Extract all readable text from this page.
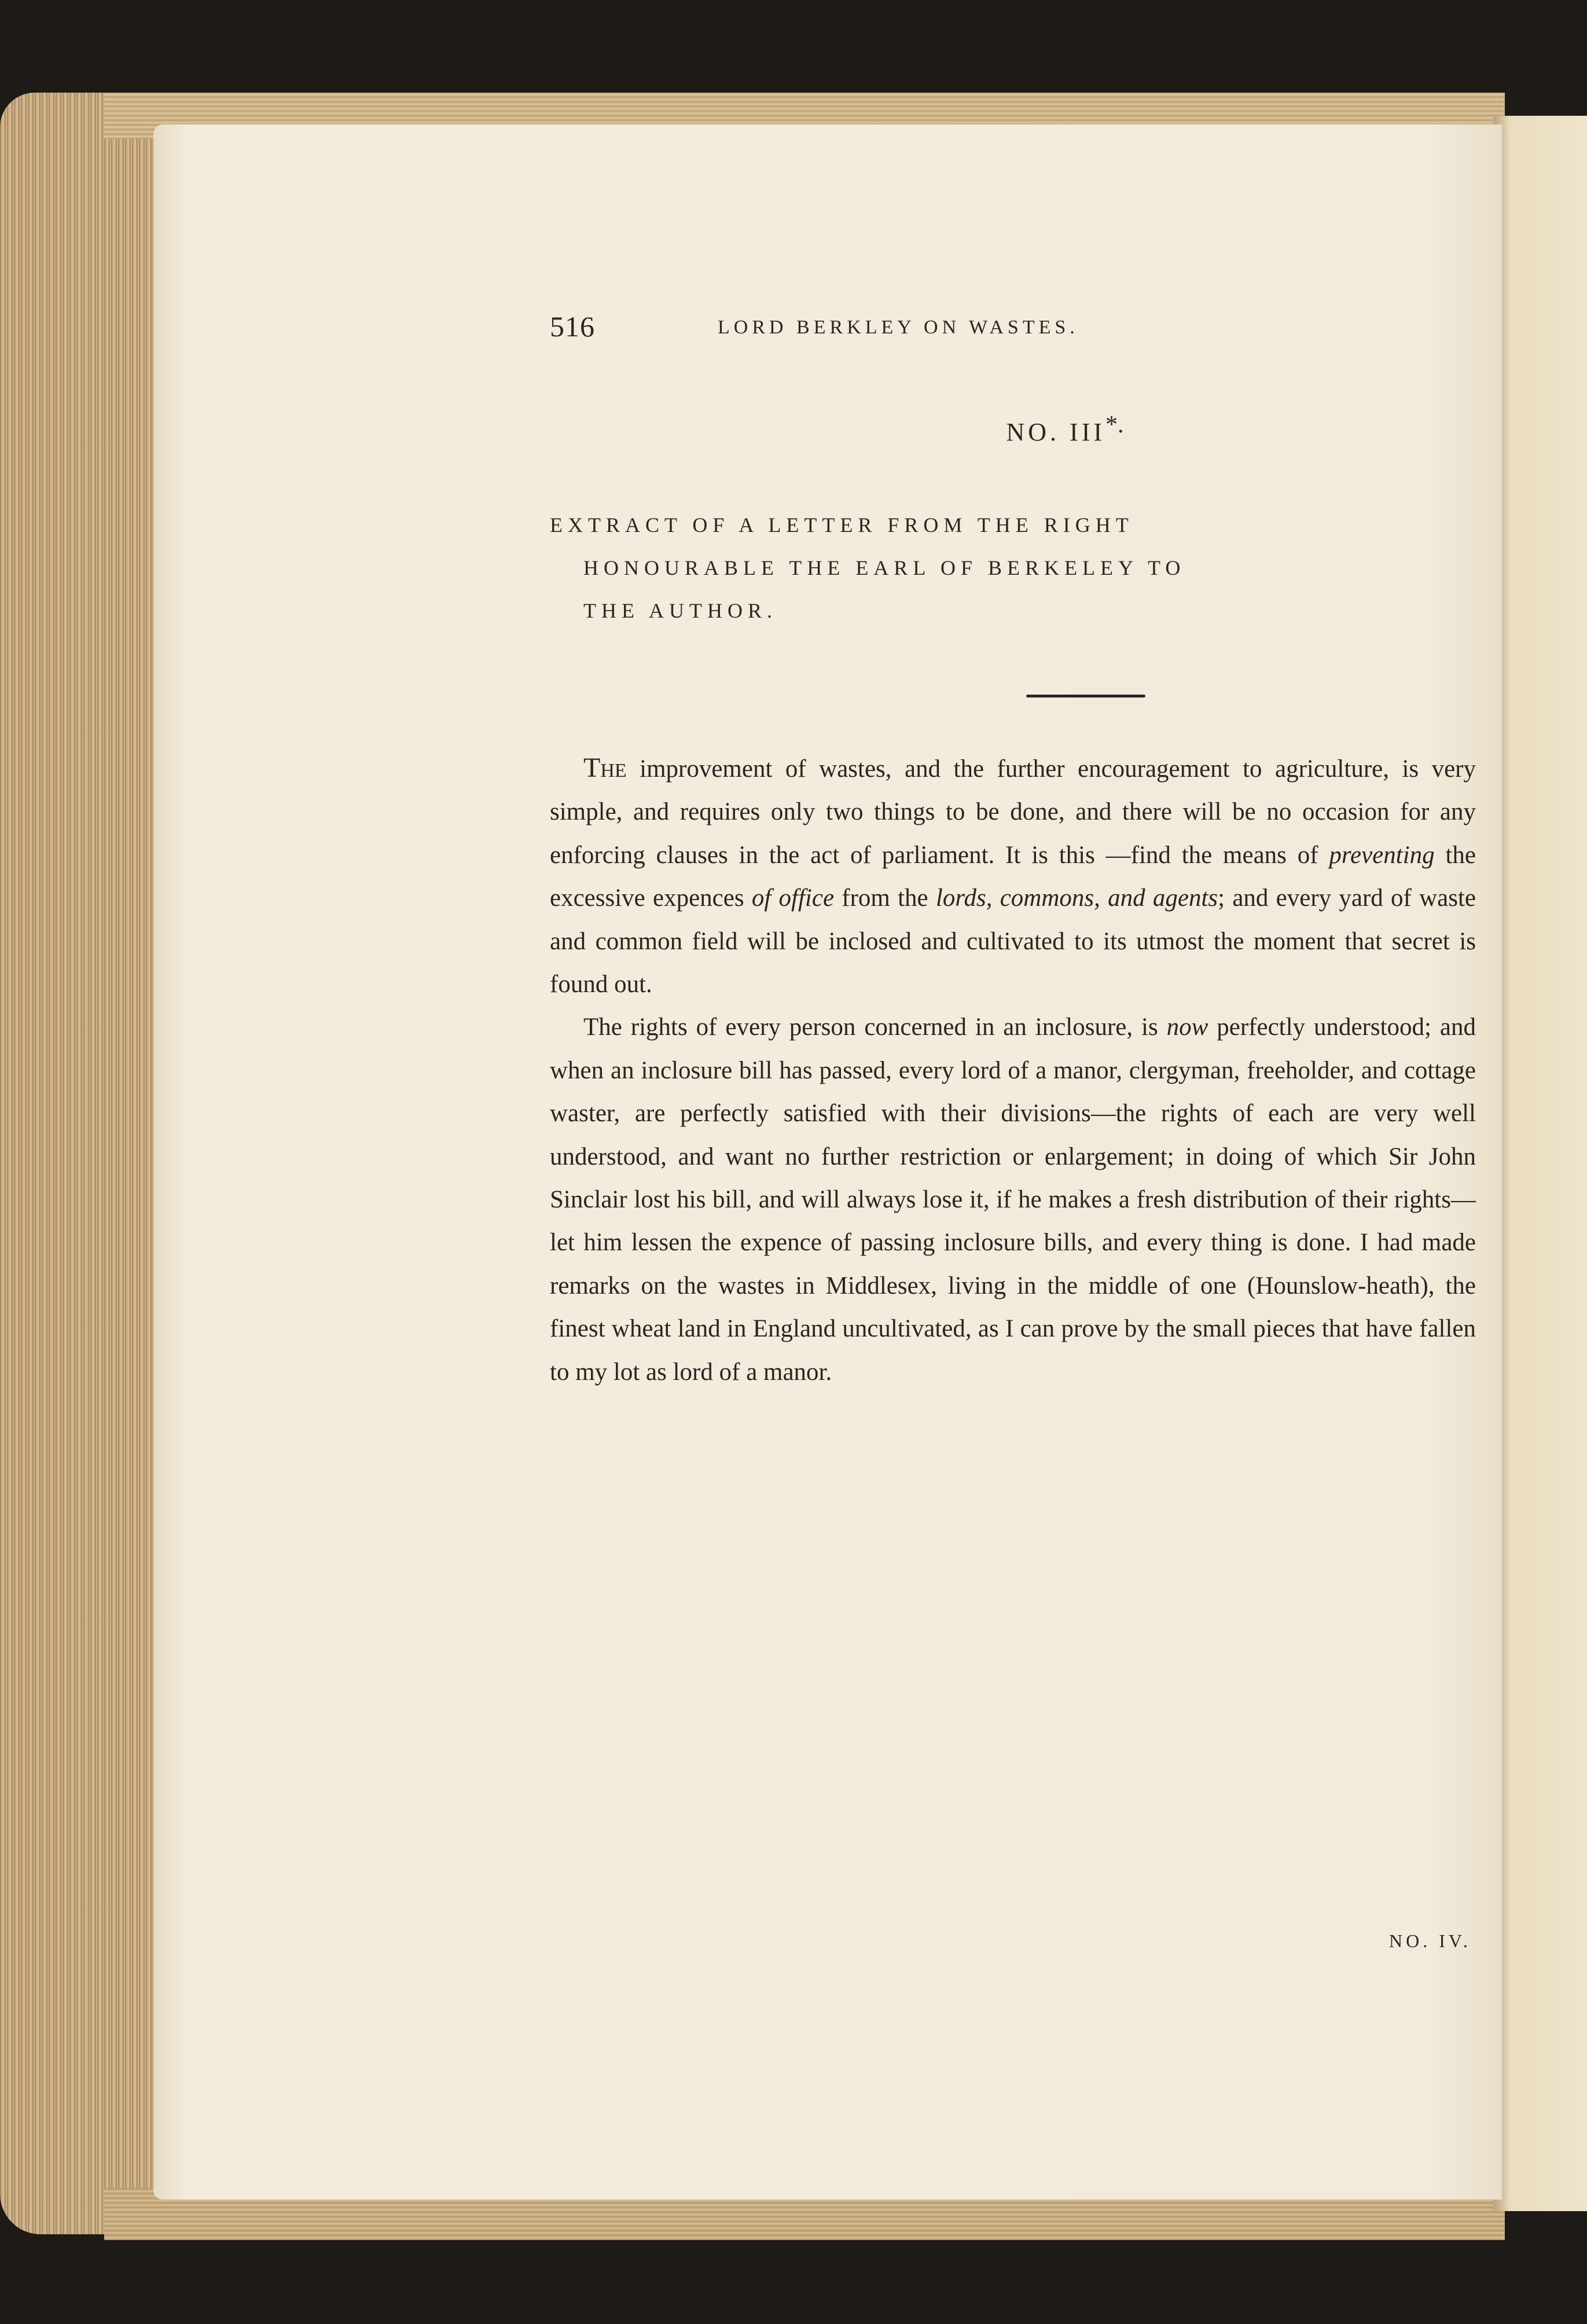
516	LORD BERKLEY ON WASTES.
NO. III*.
EXTRACT OF A LETTER FROM THE RIGHT
HONOURABLE THE EARL OF BERKELEY TO
THE AUTHOR.

The improvement of wastes, and the further encouragement to agriculture, is very simple, and requires only two things to be done, and there will be no occasion for any enforcing clauses in the act of parliament. It is this —find the means of preventing the excessive expences of office from the lords, commons, and agents; and every yard of waste and common field will be inclosed and cultivated to its utmost the moment that secret is found out.

The rights of every person concerned in an inclosure, is now perfectly understood; and when an inclosure bill has passed, every lord of a manor, clergyman, freeholder, and cottage waster, are perfectly satisfied with their divisions—the rights of each are very well understood, and want no further restriction or enlargement; in doing of which Sir John Sinclair lost his bill, and will always lose it, if he makes a fresh distribution of their rights—let him lessen the expence of passing inclosure bills, and every thing is done. I had made remarks on the wastes in Middlesex, living in the middle of one (Hounslow-heath), the finest wheat land in England uncultivated, as I can prove by the small pieces that have fallen to my lot as lord of a manor.

NO. IV.
